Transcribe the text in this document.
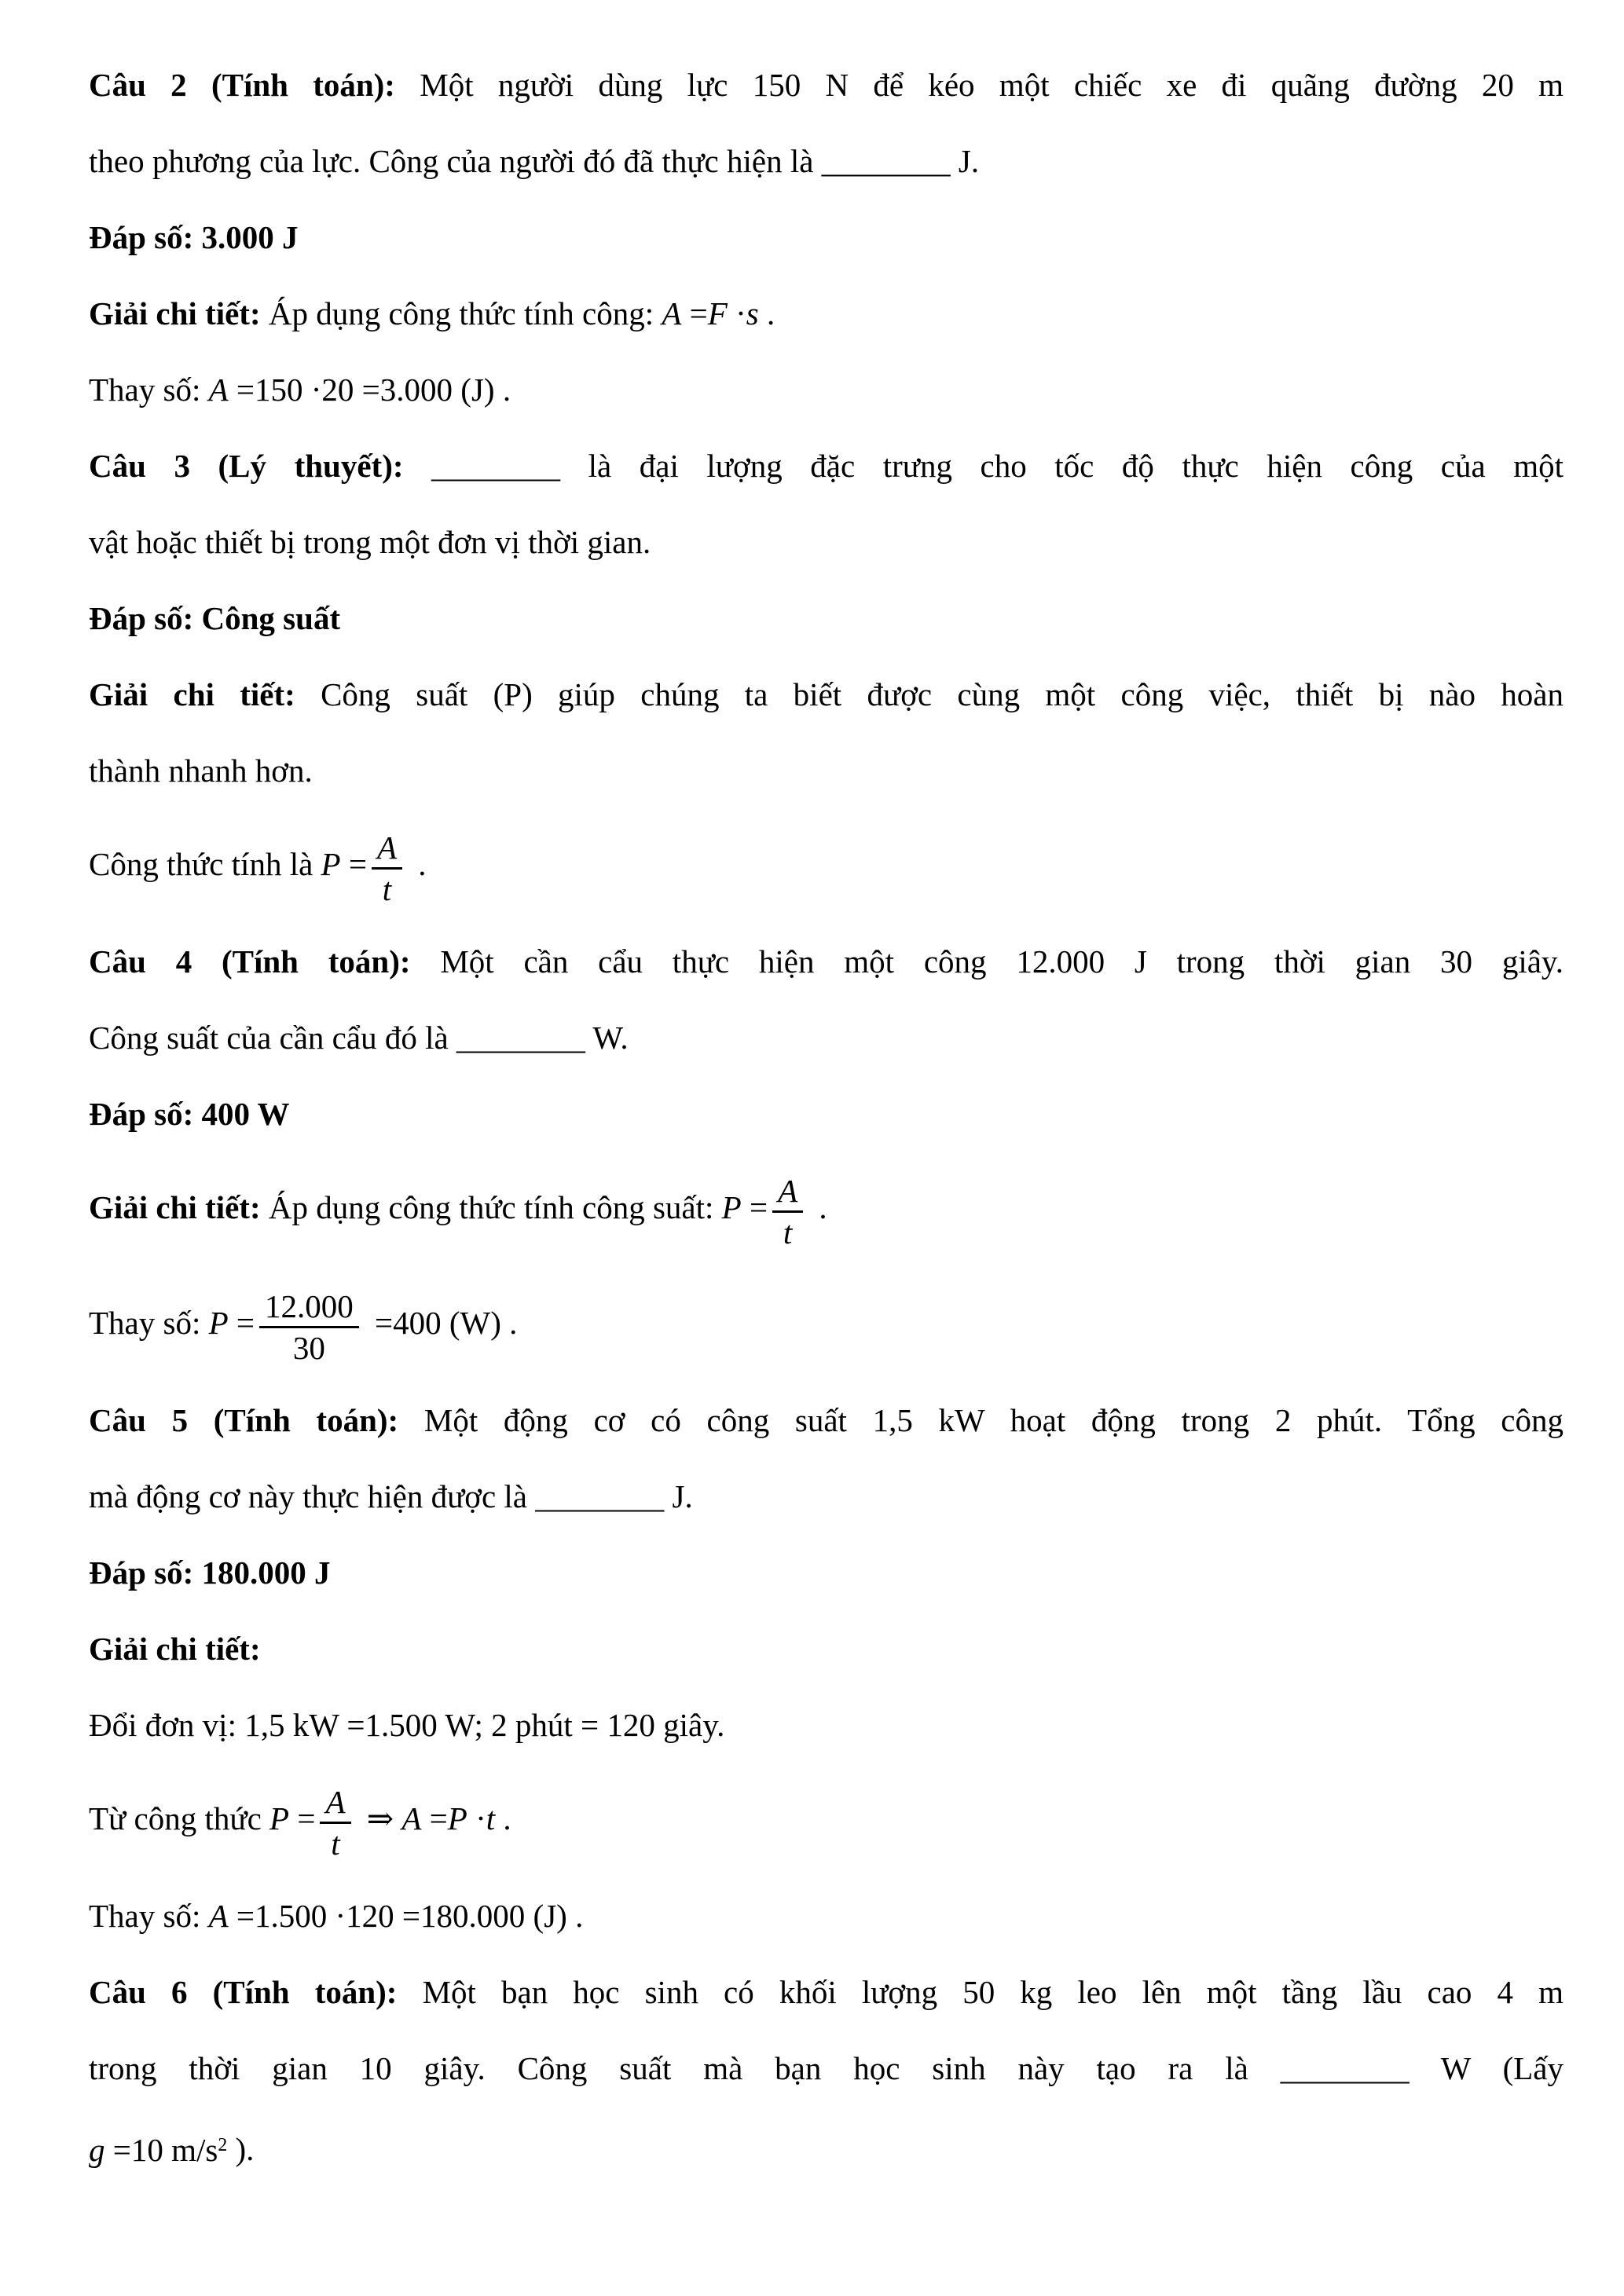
Câu 2 (Tính toán): Một người dùng lực 150 N để kéo một chiếc xe đi quãng đường 20 m
theo phương của lực. Công của người đó đã thực hiện là ________ J.
Đáp số: 3.000 J
Giải chi tiết: Áp dụng công thức tính công: A =F ·s .
Thay số: A =150 ·20 =3.000 (J) .
Câu 3 (Lý thuyết): ________ là đại lượng đặc trưng cho tốc độ thực hiện công của một
vật hoặc thiết bị trong một đơn vị thời gian.
Đáp số: Công suất
Giải chi tiết: Công suất (P) giúp chúng ta biết được cùng một công việc, thiết bị nào hoàn
thành nhanh hơn.
Công thức tính là $P = \frac{A}{t}$ .
Câu 4 (Tính toán): Một cần cẩu thực hiện một công 12.000 J trong thời gian 30 giây.
Công suất của cần cẩu đó là ________ W.
Đáp số: 400 W
Giải chi tiết: Áp dụng công thức tính công suất: $P = \frac{A}{t}$ .
Thay số: $P = \frac{12.000}{30} =400$ (W) .
Câu 5 (Tính toán): Một động cơ có công suất 1,5 kW hoạt động trong 2 phút. Tổng công
mà động cơ này thực hiện được là ________ J.
Đáp số: 180.000 J
Giải chi tiết:
Đổi đơn vị: 1,5 kW =1.500 W; 2 phút = 120 giây.
Từ công thức $P = \frac{A}{t}$ ⇒ A =P ·t .
Thay số: A =1.500 ·120 =180.000 (J) .
Câu 6 (Tính toán): Một bạn học sinh có khối lượng 50 kg leo lên một tầng lầu cao 4 m
trong thời gian 10 giây. Công suất mà bạn học sinh này tạo ra là ________ W (Lấy
g =10 $m/s^2$ ).
